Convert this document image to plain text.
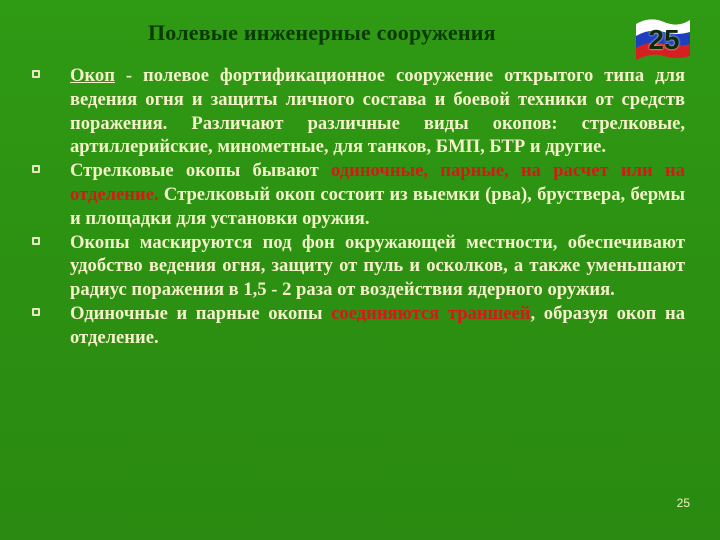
Полевые инженерные сооружения	25

Окоп - полевое фортификационное сооружение открытого типа для ведения огня и защиты личного состава и боевой техники от средств поражения. Различают различные виды окопов: стрелковые, артиллерийские, минометные, для танков, БМП, БТР и другие.

Стрелковые окопы бывают одиночные, парные, на расчет или на отделение. Стрелковый окоп состоит из выемки (рва), бруствера, бермы и площадки для установки оружия.

Окопы маскируются под фон окружающей местности, обеспечивают удобство ведения огня, защиту от пуль и осколков, а также уменьшают радиус поражения в 1,5 - 2 раза от воздействия ядерного оружия.

Одиночные и парные окопы соединяются траншеей, образуя окоп на отделение.

25
